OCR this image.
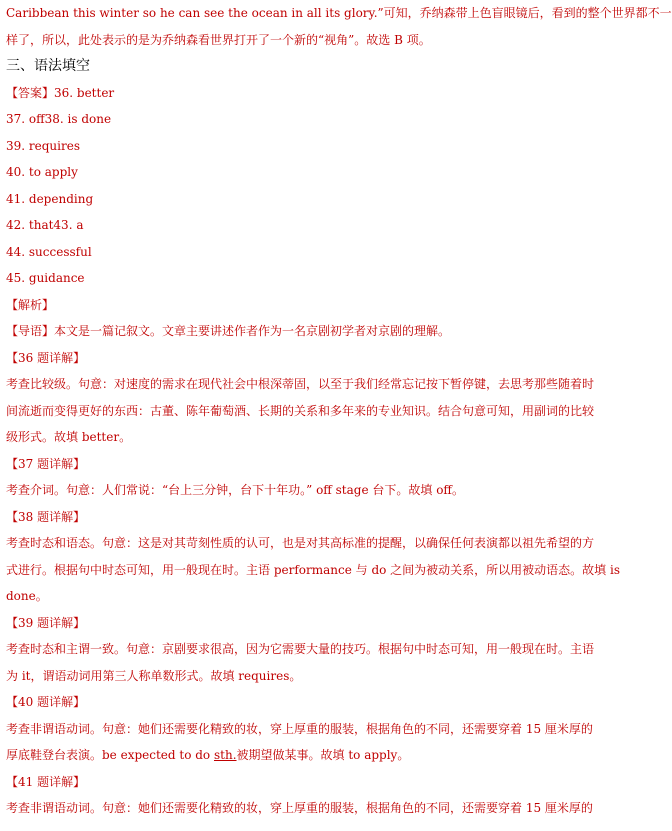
Caribbean this winter so he can see the ocean in all its glory.”可知，乔纳森带上色盲眼镜后，看到的整个世界都不一
样了，所以，此处表示的是为乔纳森看世界打开了一个新的“视角”。故选 B 项。
三、语法填空
【答案】36. better
37. off38. is done
39. requires
40. to apply
41. depending
42. that43. a
44. successful
45. guidance
【解析】
【导语】本文是一篇记叙文。文章主要讲述作者作为一名京剧初学者对京剧的理解。
【36 题详解】
考查比较级。句意：对速度的需求在现代社会中根深蒂固，以至于我们经常忘记按下暂停键，去思考那些随着时
间流逝而变得更好的东西：古董、陈年葡萄酒、长期的关系和多年来的专业知识。结合句意可知，用副词的比较
级形式。故填 better。
【37 题详解】
考查介词。句意：人们常说：“台上三分钟，台下十年功。” off stage 台下。故填 off。
【38 题详解】
考查时态和语态。句意：这是对其苛刻性质的认可，也是对其高标准的提醒，以确保任何表演都以祖先希望的方
式进行。根据句中时态可知，用一般现在时。主语 performance 与 do 之间为被动关系，所以用被动语态。故填 is
done。
【39 题详解】
考查时态和主谓一致。句意：京剧要求很高，因为它需要大量的技巧。根据句中时态可知，用一般现在时。主语
为 it，谓语动词用第三人称单数形式。故填 requires。
【40 题详解】
考查非谓语动词。句意：她们还需要化精致的妆，穿上厚重的服装，根据角色的不同，还需要穿着 15 厘米厚的
厚底鞋登台表演。be expected to do sth.被期望做某事。故填 to apply。
【41 题详解】
考查非谓语动词。句意：她们还需要化精致的妆，穿上厚重的服装，根据角色的不同，还需要穿着 15 厘米厚的
